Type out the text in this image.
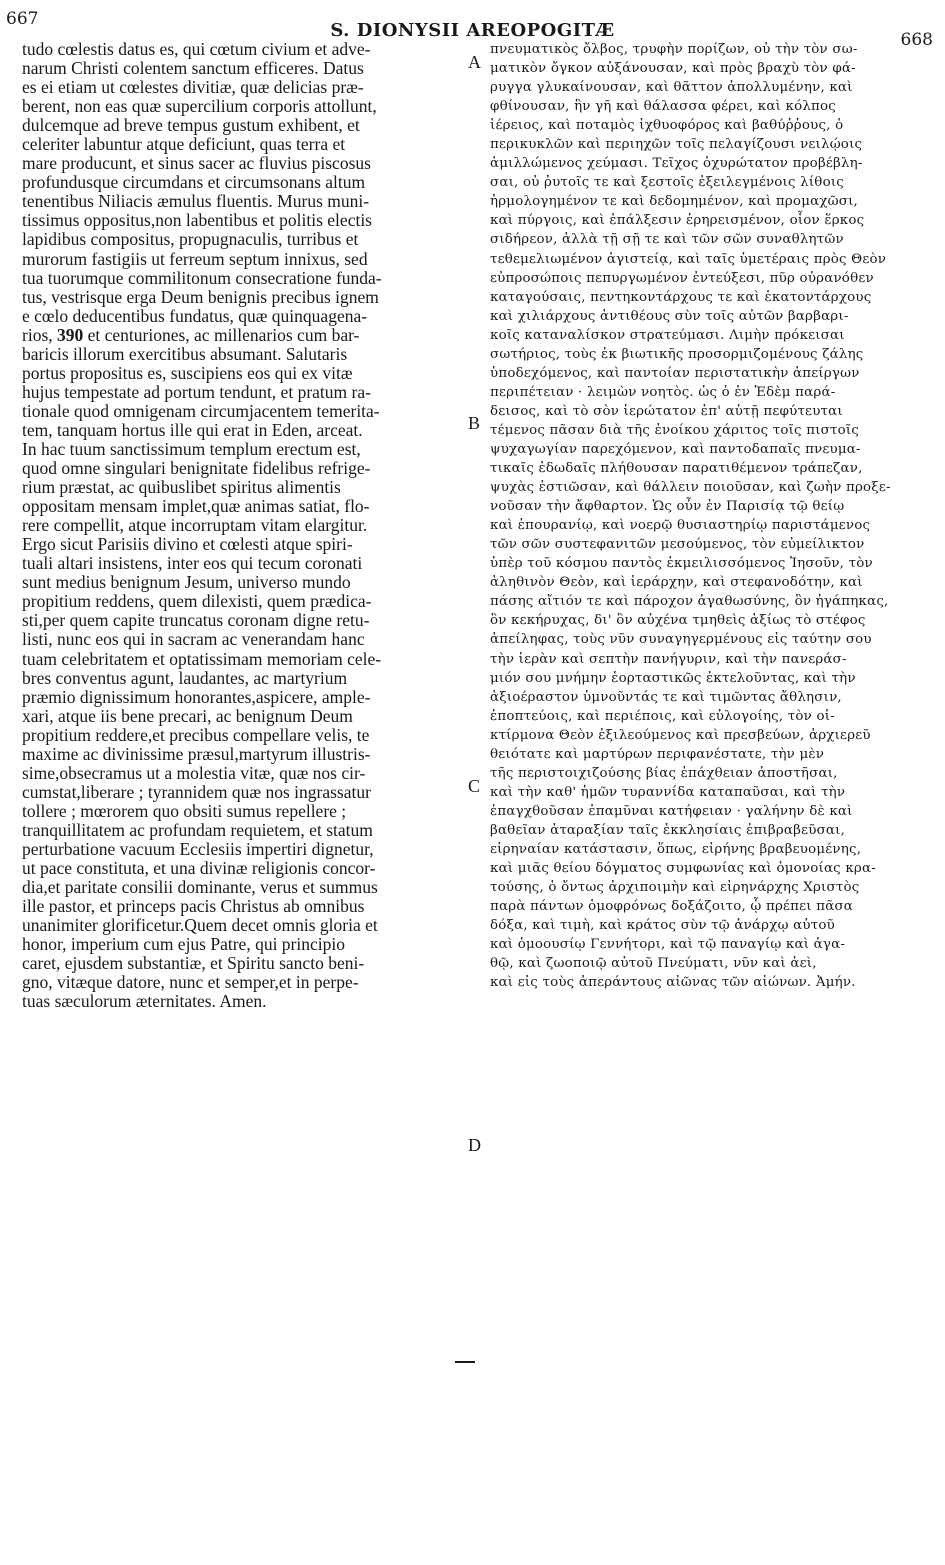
667
S. DIONYSII AREOPOGITÆ	668
tudo cœlestis datus es, qui cœtum civium et adve-
narum Christi colentem sanctum efficeres. Datus
es ei etiam ut cœlestes divitiæ, quæ delicias præ-
berent, non eas quæ supercilium corporis attollunt,
dulcemque ad breve tempus gustum exhibent, et
celeriter labuntur atque deficiunt, quas terra et
mare producunt, et sinus sacer ac fluvius piscosus
profundusque circumdans et circumsonans altum
tenentibus Niliacis æmulus fluentis. Murus muni-
tissimus oppositus,non labentibus et politis electis
lapidibus compositus, propugnaculis, turribus et
murorum fastigiis ut ferreum septum innixus, sed
tua tuorumque commilitonum consecratione funda-
tus, vestrisque erga Deum benignis precibus ignem
e cœlo deducentibus fundatus, quæ quinquagena-
rios, 390 et centuriones, ac millenarios cum bar-
baricis illorum exercitibus absumant. Salutaris
portus propositus es, suscipiens eos qui ex vitæ
hujus tempestate ad portum tendunt, et pratum ra-
tionale quod omnigenam circumjacentem temerita-
tem, tanquam hortus ille qui erat in Eden, arceat.
In hac tuum sanctissimum templum erectum est,
quod omne singulari benignitate fidelibus refrige-
rium præstat, ac quibuslibet spiritus alimentis
oppositam mensam implet,quæ animas satiat, flo-
rere compellit, atque incorruptam vitam elargitur.
Ergo sicut Parisiis divino et cœlesti atque spiri-
tuali altari insistens, inter eos qui tecum coronati
sunt medius benignum Jesum, universo mundo
propitium reddens, quem dilexisti, quem prædica-
sti,per quem capite truncatus coronam digne retu-
listi, nunc eos qui in sacram ac venerandam hanc
tuam celebritatem et optatissimam memoriam cele-
bres conventus agunt, laudantes, ac martyrium
præmio dignissimum honorantes,aspicere, ample-
xari, atque iis bene precari, ac benignum Deum
propitium reddere,et precibus compellare velis, te
maxime ac divinissime præsul,martyrum illustris-
sime,obsecramus ut a molestia vitæ, quæ nos cir-
cumstat,liberare ; tyrannidem quæ nos ingrassatur
tollere ; mœrorem quo obsiti sumus repellere ;
tranquillitatem ac profundam requietem, et statum
perturbatione vacuum Ecclesiis impertiri dignetur,
ut pace constituta, et una divinæ religionis concor-
dia,et paritate consilii dominante, verus et summus
ille pastor, et princeps pacis Christus ab omnibus
unanimiter glorificetur.Quem decet omnis gloria et
honor, imperium cum ejus Patre, qui principio
caret, ejusdem substantiæ, et Spiritu sancto beni-
gno, vitæque datore, nunc et semper,et in perpe-
tuas sæculorum æternitates. Amen.
A
B
C
D
πνευματικὸς ὄλβος, τρυφὴν πορίζων, οὐ τὴν τὸν σω-
ματικὸν ὄγκον αὐξάνουσαν, καὶ πρὸς βραχὺ τὸν φά-
ρυγγα γλυκαίνουσαν, καὶ θᾶττον ἀπολλυμένην, καὶ
φθίνουσαν, ἣν γῆ καὶ θάλασσα φέρει, καὶ κόλπος
ἱέρειος, καὶ ποταμὸς ἰχθυοφόρος καὶ βαθύῤῥους, ὁ
περικυκλῶν καὶ περιηχῶν τοῖς πελαγίζουσι νειλῴοις
ἁμιλλώμενος χεύμασι. Τεῖχος ὀχυρώτατον προβέβλη-
σαι, οὐ ῥυτοῖς τε καὶ ξεστοῖς ἐξειλεγμένοις λίθοις
ἡρμολογημένον τε καὶ δεδομημένον, καὶ προμαχῶσι,
καὶ πύργοις, καὶ ἐπάλξεσιν ἐρηρεισμένον, οἷον ἕρκος
σιδήρεον, ἀλλὰ τῇ σῇ τε καὶ τῶν σῶν συναθλητῶν
τεθεμελιωμένον ἁγιστείᾳ, καὶ ταῖς ὑμετέραις πρὸς Θεὸν
εὐπροσώποις πεπυργωμένον ἐντεύξεσι, πῦρ οὐρανόθεν
καταγούσαις, πεντηκοντάρχους τε καὶ ἑκατοντάρχους
καὶ χιλιάρχους ἀντιθέους σὺν τοῖς αὐτῶν βαρβαρι-
κοῖς καταναλίσκον στρατεύμασι. Λιμὴν πρόκεισαι
σωτήριος, τοὺς ἐκ βιωτικῆς προσορμιζομένους ζάλης
ὑποδεχόμενος, καὶ παντοίαν περιστατικὴν ἀπείργων
περιπέτειαν · λειμὼν νοητὸς. ὡς ὁ ἐν Ἐδὲμ παρά-
δεισος, καὶ τὸ σὸν ἱερώτατον ἐπ' αὐτῇ πεφύτευται
τέμενος πᾶσαν διὰ τῆς ἐνοίκου χάριτος τοῖς πιστοῖς
ψυχαγωγίαν παρεχόμενον, καὶ παντοδαπαῖς πνευμα-
τικαῖς ἐδωδαῖς πλήθουσαν παρατιθέμενον τράπεζαν,
ψυχὰς ἑστιῶσαν, καὶ θάλλειν ποιοῦσαν, καὶ ζωὴν προξε-
νοῦσαν τὴν ἄφθαρτον. Ὡς οὖν ἐν Παρισίᾳ τῷ θείῳ
καὶ ἐπουρανίῳ, καὶ νοερῷ θυσιαστηρίῳ παριστάμενος
τῶν σῶν συστεφανιτῶν μεσούμενος, τὸν εὐμείλικτον
ὑπὲρ τοῦ κόσμου παντὸς ἐκμειλισσόμενος Ἰησοῦν, τὸν
ἀληθινὸν Θεὸν, καὶ ἱεράρχην, καὶ στεφανοδότην, καὶ
πάσης αἴτιόν τε καὶ πάροχον ἀγαθωσύνης, ὃν ἠγάπηκας,
ὃν κεκήρυχας, δι' ὃν αὐχένα τμηθεὶς ἀξίως τὸ στέφος
ἀπείληφας, τοὺς νῦν συναγηγερμένους εἰς ταύτην σου
τὴν ἱερὰν καὶ σεπτὴν πανήγυριν, καὶ τὴν πανεράσ-
μιόν σου μνήμην ἑορταστικῶς ἐκτελοῦντας, καὶ τὴν
ἀξιοέραστον ὑμνοῦντάς τε καὶ τιμῶντας ἄθλησιν,
ἐποπτεύοις, καὶ περιέποις, καὶ εὐλογοίης, τὸν οἰ-
κτίρμονα Θεὸν ἐξιλεούμενος καὶ πρεσβεύων, ἀρχιερεῦ
θειότατε καὶ μαρτύρων περιφανέστατε, τὴν μὲν
τῆς περιστοιχιζούσης βίας ἐπάχθειαν ἀποστῆσαι,
καὶ τὴν καθ' ἡμῶν τυραννίδα καταπαῦσαι, καὶ τὴν
ἐπαγχθοῦσαν ἐπαμῦναι κατήφειαν · γαλήνην δὲ καὶ
βαθεῖαν ἀταραξίαν ταῖς ἐκκλησίαις ἐπιβραβεῦσαι,
εἰρηναίαν κατάστασιν, ὅπως, εἰρήνης βραβευομένης,
καὶ μιᾶς θείου δόγματος συμφωνίας καὶ ὁμονοίας κρα-
τούσης, ὁ ὄντως ἀρχιποιμὴν καὶ εἰρηνάρχης Χριστὸς
παρὰ πάντων ὁμοφρόνως δοξάζοιτο, ᾧ πρέπει πᾶσα
δόξα, καὶ τιμὴ, καὶ κράτος σὺν τῷ ἀνάρχῳ αὐτοῦ
καὶ ὁμοουσίῳ Γεννήτορι, καὶ τῷ παναγίῳ καὶ ἀγα-
θῷ, καὶ ζωοποιῷ αὐτοῦ Πνεύματι, νῦν καὶ ἀεὶ,
καὶ εἰς τοὺς ἀπεράντους αἰῶνας τῶν αἰώνων. Ἀμήν.
